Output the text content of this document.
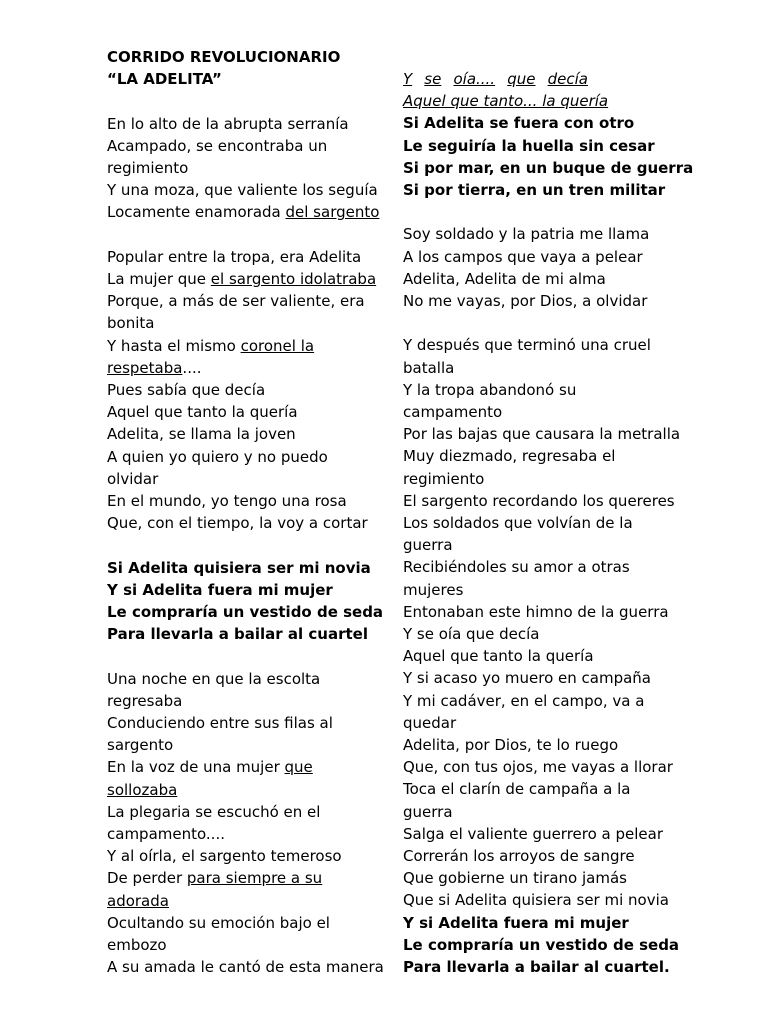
CORRIDO REVOLUCIONARIO
“LA ADELITA”
En lo alto de la abrupta serranía
Acampado, se encontraba un
regimiento
Y una moza, que valiente los seguía
Locamente enamorada del sargento
Popular entre la tropa, era Adelita
La mujer que el sargento idolatraba
Porque, a más de ser valiente, era
bonita
Y hasta el mismo coronel la
respetaba....
Pues sabía que decía
Aquel que tanto la quería
Adelita, se llama la joven
A quien yo quiero y no puedo
olvidar
En el mundo, yo tengo una rosa
Que, con el tiempo, la voy a cortar
Si Adelita quisiera ser mi novia
Y si Adelita fuera mi mujer
Le compraría un vestido de seda
Para llevarla a bailar al cuartel
Una noche en que la escolta
regresaba
Conduciendo entre sus filas al
sargento
En la voz de una mujer que
sollozaba
La plegaria se escuchó en el
campamento....
Y al oírla, el sargento temeroso
De perder para siempre a su
adorada
Ocultando su emoción bajo el
embozo
A su amada le cantó de esta manera
Y se oía.... que decía
Aquel que tanto... la quería
Si Adelita se fuera con otro
Le seguiría la huella sin cesar
Si por mar, en un buque de guerra
Si por tierra, en un tren militar
Soy soldado y la patria me llama
A los campos que vaya a pelear
Adelita, Adelita de mi alma
No me vayas, por Dios, a olvidar
Y después que terminó una cruel
batalla
Y la tropa abandonó su
campamento
Por las bajas que causara la metralla
Muy diezmado, regresaba el
regimiento
El sargento recordando los quereres
Los soldados que volvían de la
guerra
Recibiéndoles su amor a otras
mujeres
Entonaban este himno de la guerra
Y se oía que decía
Aquel que tanto la quería
Y si acaso yo muero en campaña
Y mi cadáver, en el campo, va a
quedar
Adelita, por Dios, te lo ruego
Que, con tus ojos, me vayas a llorar
Toca el clarín de campaña a la
guerra
Salga el valiente guerrero a pelear
Correrán los arroyos de sangre
Que gobierne un tirano jamás
Que si Adelita quisiera ser mi novia
Y si Adelita fuera mi mujer
Le compraría un vestido de seda
Para llevarla a bailar al cuartel.
